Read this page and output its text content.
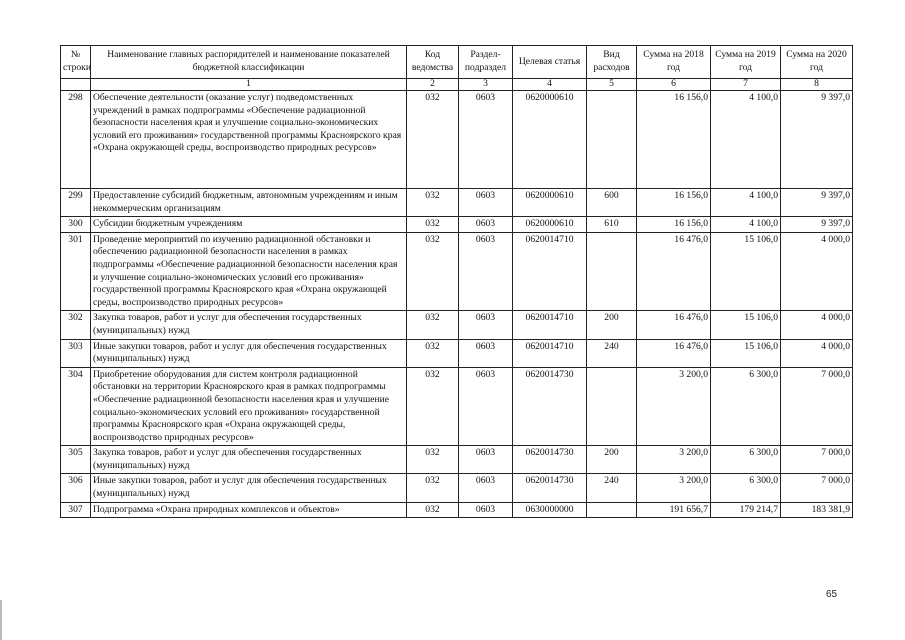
№ строки	Наименование главных распорядителей и наименование показателей бюджетной классификации	Код ведомства	Раздел-подраздел	Целевая статья	Вид расходов	Сумма на 2018 год	Сумма на 2019 год	Сумма на 2020 год
	1	2	3	4	5	6	7	8
298	Обеспечение деятельности (оказание услуг) подведомственных учреждений в рамках подпрограммы «Обеспечение радиационной безопасности населения края и улучшение социально-экономических условий его проживания» государственной программы Красноярского края «Охрана окружающей среды, воспроизводство природных ресурсов»	032	0603	0620000610		16 156,0	4 100,0	9 397,0
299	Предоставление субсидий бюджетным, автономным учреждениям и иным некоммерческим организациям	032	0603	0620000610	600	16 156,0	4 100,0	9 397,0
300	Субсидии бюджетным учреждениям	032	0603	0620000610	610	16 156,0	4 100,0	9 397,0
301	Проведение мероприятий по изучению радиационной обстановки и обеспечению радиационной безопасности населения в рамках подпрограммы «Обеспечение радиационной безопасности населения края и улучшение социально-экономических условий его проживания» государственной программы Красноярского края «Охрана окружающей среды, воспроизводство природных ресурсов»	032	0603	0620014710		16 476,0	15 106,0	4 000,0
302	Закупка товаров, работ и услуг для обеспечения государственных (муниципальных) нужд	032	0603	0620014710	200	16 476,0	15 106,0	4 000,0
303	Иные закупки товаров, работ и услуг для обеспечения государственных (муниципальных) нужд	032	0603	0620014710	240	16 476,0	15 106,0	4 000,0
304	Приобретение оборудования для систем контроля радиационной обстановки на территории Красноярского края в рамках подпрограммы «Обеспечение радиационной безопасности населения края и улучшение социально-экономических условий его проживания» государственной программы Красноярского края «Охрана окружающей среды, воспроизводство природных ресурсов»	032	0603	0620014730		3 200,0	6 300,0	7 000,0
305	Закупка товаров, работ и услуг для обеспечения государственных (муниципальных) нужд	032	0603	0620014730	200	3 200,0	6 300,0	7 000,0
306	Иные закупки товаров, работ и услуг для обеспечения государственных (муниципальных) нужд	032	0603	0620014730	240	3 200,0	6 300,0	7 000,0
307	Подпрограмма «Охрана природных комплексов и объектов»	032	0603	0630000000		191 656,7	179 214,7	183 381,9
65
